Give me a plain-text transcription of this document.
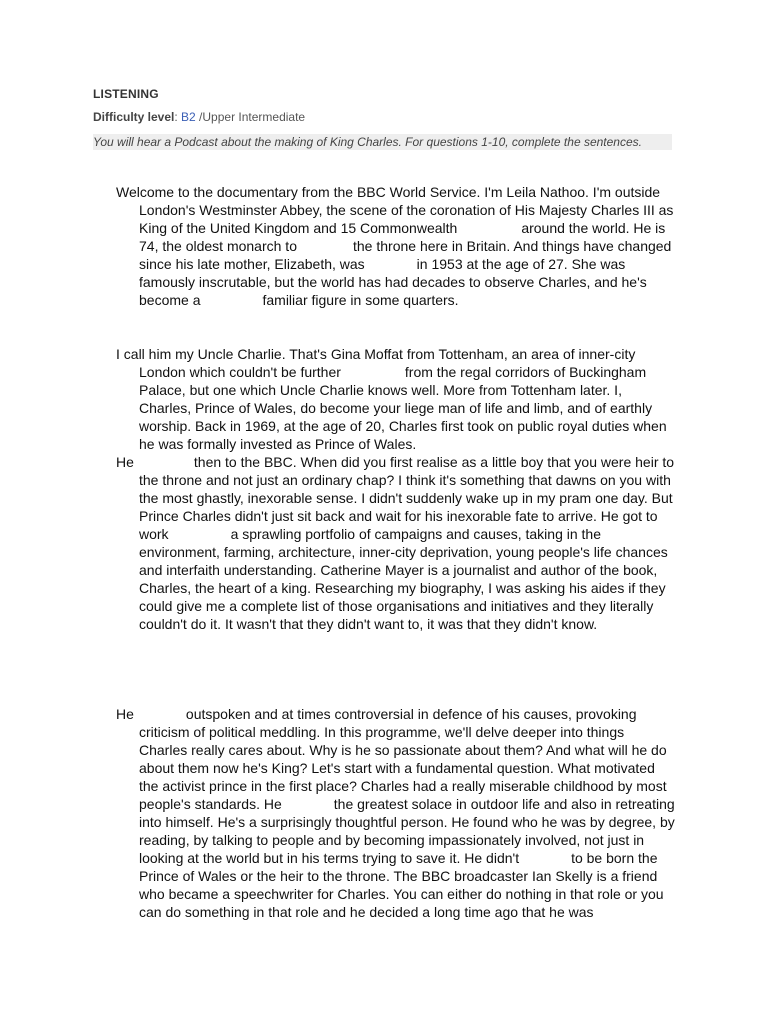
LISTENING
Difficulty level: B2 /Upper Intermediate
You will hear a Podcast about the making of King Charles. For questions 1-10, complete the sentences.

Welcome to the documentary from the BBC World Service. I'm Leila Nathoo. I'm outside London's Westminster Abbey, the scene of the coronation of His Majesty Charles III as King of the United Kingdom and 15 Commonwealth	around the world. He is 74, the oldest monarch to	the throne here in Britain. And things have changed since his late mother, Elizabeth, was	in 1953 at the age of 27. She was famously inscrutable, but the world has had decades to observe Charles, and he's become a	familiar figure in some quarters.

I call him my Uncle Charlie. That's Gina Moffat from Tottenham, an area of inner-city London which couldn't be further	from the regal corridors of Buckingham Palace, but one which Uncle Charlie knows well. More from Tottenham later. I, Charles, Prince of Wales, do become your liege man of life and limb, and of earthly worship. Back in 1969, at the age of 20, Charles first took on public royal duties when he was formally invested as Prince of Wales.

He	then to the BBC. When did you first realise as a little boy that you were heir to the throne and not just an ordinary chap? I think it's something that dawns on you with the most ghastly, inexorable sense. I didn't suddenly wake up in my pram one day. But Prince Charles didn't just sit back and wait for his inexorable fate to arrive. He got to work	a sprawling portfolio of campaigns and causes, taking in the environment, farming, architecture, inner-city deprivation, young people's life chances and interfaith understanding. Catherine Mayer is a journalist and author of the book, Charles, the heart of a king. Researching my biography, I was asking his aides if they could give me a complete list of those organisations and initiatives and they literally couldn't do it. It wasn't that they didn't want to, it was that they didn't know.

He	outspoken and at times controversial in defence of his causes, provoking criticism of political meddling. In this programme, we'll delve deeper into things Charles really cares about. Why is he so passionate about them? And what will he do about them now he's King? Let's start with a fundamental question. What motivated the activist prince in the first place? Charles had a really miserable childhood by most people's standards. He	the greatest solace in outdoor life and also in retreating into himself. He's a surprisingly thoughtful person. He found who he was by degree, by reading, by talking to people and by becoming impassionately involved, not just in looking at the world but in his terms trying to save it. He didn't	to be born the Prince of Wales or the heir to the throne. The BBC broadcaster Ian Skelly is a friend who became a speechwriter for Charles. You can either do nothing in that role or you can do something in that role and he decided a long time ago that he was
